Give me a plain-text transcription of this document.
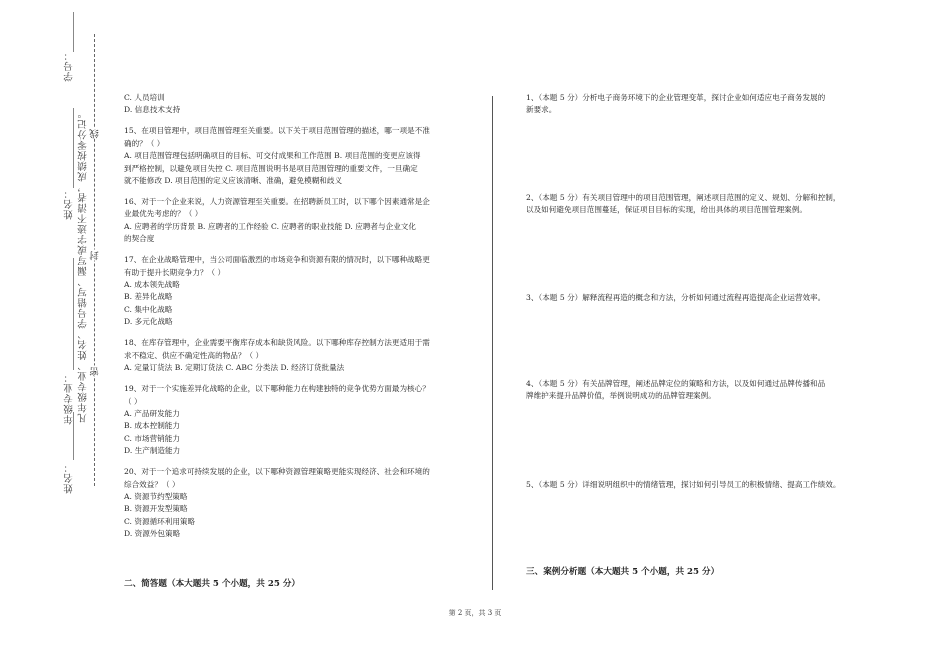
学号：
姓名：
年级专业：
姓名：
凡年级专业、姓名、学号错写、漏写或字迹不清者，成绩按零分记。 线
封
密

C. 人员培训

D. 信息技术支持

15、在项目管理中，项目范围管理至关重要。以下关于项目范围管理的描述，哪一项是不准

确的？（ ）

A. 项目范围管理包括明确项目的目标、可交付成果和工作范围 B. 项目范围的变更应该得

到严格控制，以避免项目失控 C. 项目范围说明书是项目范围管理的重要文件，一旦确定

就不能修改 D. 项目范围的定义应该清晰、准确，避免模糊和歧义

16、对于一个企业来说，人力资源管理至关重要。在招聘新员工时，以下哪个因素通常是企

业最优先考虑的？（ ）

A. 应聘者的学历背景 B. 应聘者的工作经验 C. 应聘者的职业技能 D. 应聘者与企业文化

的契合度

17、在企业战略管理中，当公司面临激烈的市场竞争和资源有限的情况时，以下哪种战略更

有助于提升长期竞争力？（ ）

A. 成本领先战略

B. 差异化战略

C. 集中化战略

D. 多元化战略

18、在库存管理中，企业需要平衡库存成本和缺货风险。以下哪种库存控制方法更适用于需

求不稳定、供应不确定性高的物品？（ ）

A. 定量订货法 B. 定期订货法 C. ABC 分类法 D. 经济订货批量法

19、对于一个实施差异化战略的企业，以下哪种能力在构建独特的竞争优势方面最为核心？

（ ）

A. 产品研发能力

B. 成本控制能力

C. 市场营销能力

D. 生产制造能力

20、对于一个追求可持续发展的企业，以下哪种资源管理策略更能实现经济、社会和环境的

综合效益？（ ）

A. 资源节约型策略

B. 资源开发型策略

C. 资源循环利用策略

D. 资源外包策略

二、简答题（本大题共 5 个小题，共 25 分）

1、（本题 5 分）分析电子商务环境下的企业管理变革，探讨企业如何适应电子商务发展的

新要求。

2、（本题 5 分）有关项目管理中的项目范围管理，阐述项目范围的定义、规划、分解和控制，

以及如何避免项目范围蔓延，保证项目目标的实现，给出具体的项目范围管理案例。

3、（本题 5 分）解释流程再造的概念和方法，分析如何通过流程再造提高企业运营效率。

4、（本题 5 分）有关品牌管理，阐述品牌定位的策略和方法，以及如何通过品牌传播和品

牌维护来提升品牌价值，举例说明成功的品牌管理案例。

5、（本题 5 分）详细说明组织中的情绪管理，探讨如何引导员工的积极情绪、提高工作绩效。

三、案例分析题（本大题共 5 个小题，共 25 分）
第 2 页，共 3 页
